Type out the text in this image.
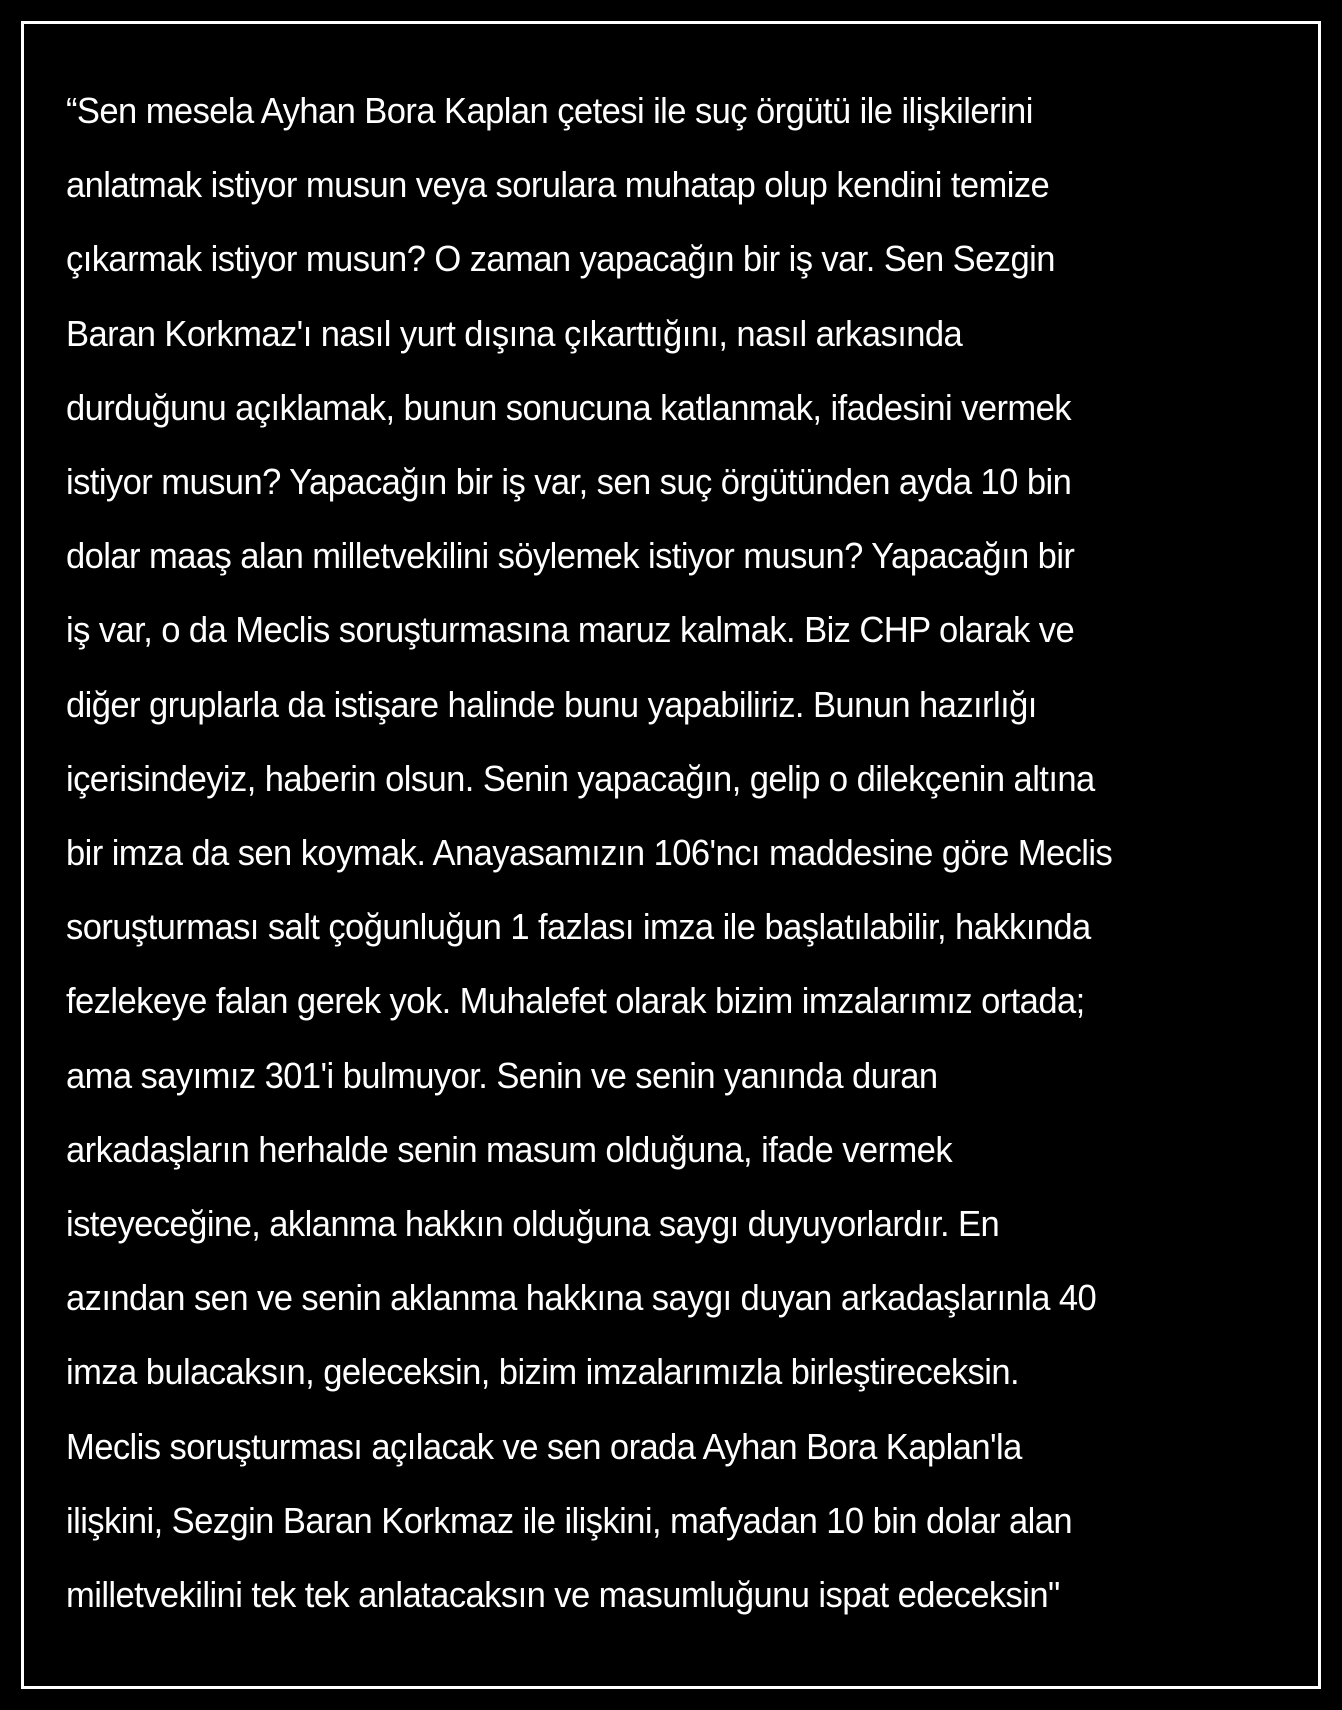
“Sen mesela Ayhan Bora Kaplan çetesi ile suç örgütü ile ilişkilerini
anlatmak istiyor musun veya sorulara muhatap olup kendini temize
çıkarmak istiyor musun? O zaman yapacağın bir iş var. Sen Sezgin
Baran Korkmaz'ı nasıl yurt dışına çıkarttığını, nasıl arkasında
durduğunu açıklamak, bunun sonucuna katlanmak, ifadesini vermek
istiyor musun? Yapacağın bir iş var, sen suç örgütünden ayda 10 bin
dolar maaş alan milletvekilini söylemek istiyor musun? Yapacağın bir
iş var, o da Meclis soruşturmasına maruz kalmak. Biz CHP olarak ve
diğer gruplarla da istişare halinde bunu yapabiliriz. Bunun hazırlığı
içerisindeyiz, haberin olsun. Senin yapacağın, gelip o dilekçenin altına
bir imza da sen koymak. Anayasamızın 106'ncı maddesine göre Meclis
soruşturması salt çoğunluğun 1 fazlası imza ile başlatılabilir, hakkında
fezlekeye falan gerek yok. Muhalefet olarak bizim imzalarımız ortada;
ama sayımız 301'i bulmuyor. Senin ve senin yanında duran
arkadaşların herhalde senin masum olduğuna, ifade vermek
isteyeceğine, aklanma hakkın olduğuna saygı duyuyorlardır. En
azından sen ve senin aklanma hakkına saygı duyan arkadaşlarınla 40
imza bulacaksın, geleceksin, bizim imzalarımızla birleştireceksin.
Meclis soruşturması açılacak ve sen orada Ayhan Bora Kaplan'la
ilişkini, Sezgin Baran Korkmaz ile ilişkini, mafyadan 10 bin dolar alan
milletvekilini tek tek anlatacaksın ve masumluğunu ispat edeceksin"
